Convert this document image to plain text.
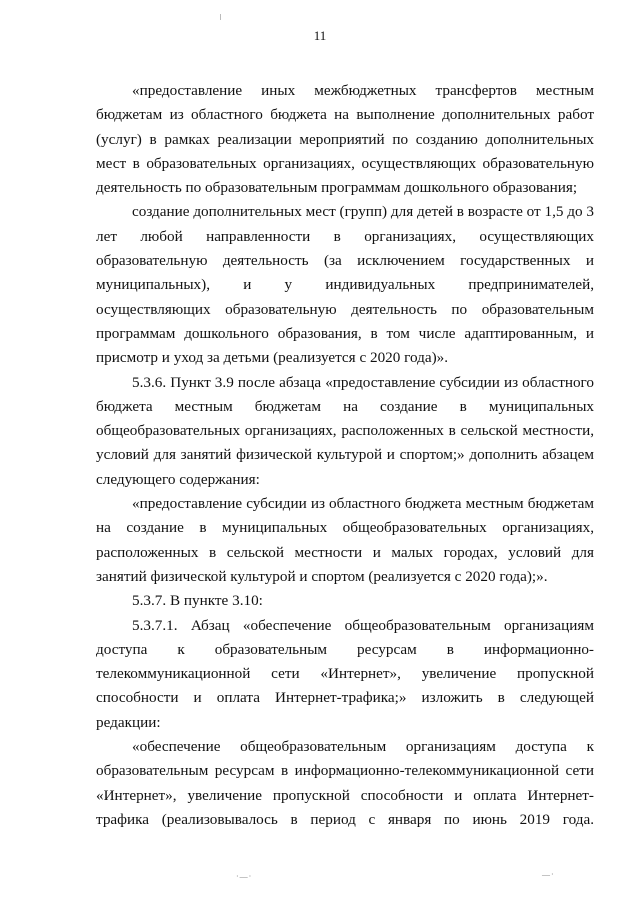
11

«предоставление иных межбюджетных трансфертов местным бюджетам из областного бюджета на выполнение дополнительных работ (услуг) в рамках реализации мероприятий по созданию дополнительных мест в образовательных организациях, осуществляющих образовательную деятельность по образовательным программам дошкольного образования;

создание дополнительных мест (групп) для детей в возрасте от 1,5 до 3 лет любой направленности в организациях, осуществляющих образовательную деятельность (за исключением государственных и муниципальных), и у индивидуальных предпринимателей, осуществляющих образовательную деятельность по образовательным программам дошкольного образования, в том числе адаптированным, и присмотр и уход за детьми (реализуется с 2020 года)».

5.3.6. Пункт 3.9 после абзаца «предоставление субсидии из областного бюджета местным бюджетам на создание в муниципальных общеобразовательных организациях, расположенных в сельской местности, условий для занятий физической культурой и спортом;» дополнить абзацем следующего содержания:

«предоставление субсидии из областного бюджета местным бюджетам на создание в муниципальных общеобразовательных организациях, расположенных в сельской местности и малых городах, условий для занятий физической культурой и спортом (реализуется с 2020 года);».

5.3.7. В пункте 3.10:

5.3.7.1. Абзац «обеспечение общеобразовательным организациям доступа к образовательным ресурсам в информационно-телекоммуникационной сети «Интернет», увеличение пропускной способности и оплата Интернет-трафика;» изложить в следующей редакции:

«обеспечение общеобразовательным организациям доступа к образовательным ресурсам в информационно-телекоммуникационной сети «Интернет», увеличение пропускной способности и оплата Интернет-трафика (реализовывалось в период с января по июнь 2019 года.

·—·	—·
